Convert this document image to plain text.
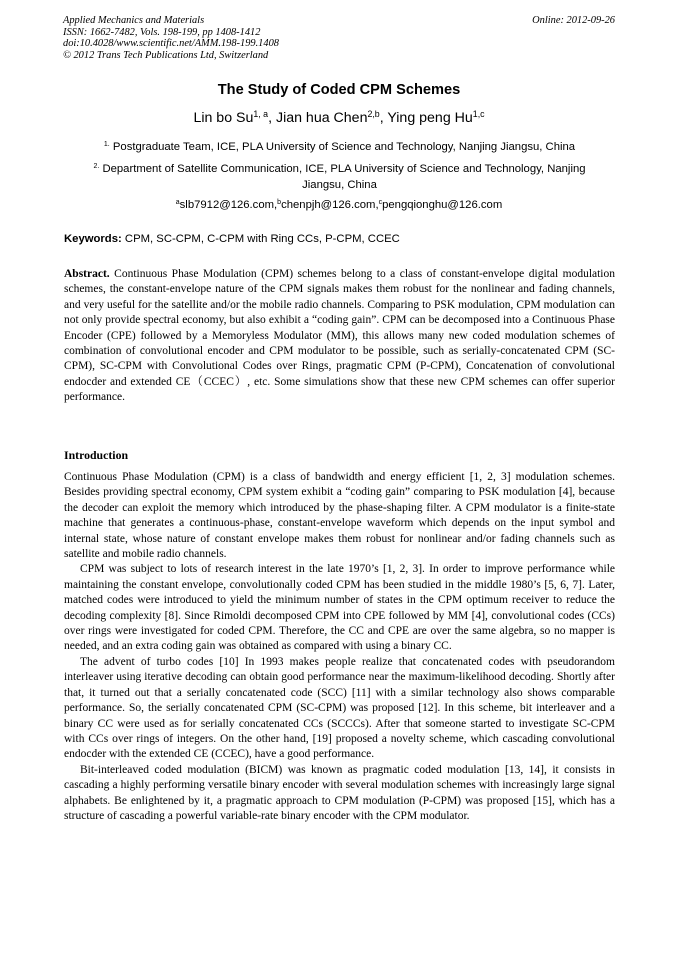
Applied Mechanics and Materials
ISSN: 1662-7482, Vols. 198-199, pp 1408-1412
doi:10.4028/www.scientific.net/AMM.198-199.1408
© 2012 Trans Tech Publications Ltd, Switzerland
Online: 2012-09-26
The Study of Coded CPM Schemes
Lin bo Su$^{1, a}$, Jian hua Chen$^{2,b}$, Ying peng Hu$^{1,c}$
$^{1.}$ Postgraduate Team, ICE, PLA University of Science and Technology, Nanjing Jiangsu, China
$^{2.}$ Department of Satellite Communication, ICE, PLA University of Science and Technology, Nanjing
Jiangsu, China
$^a$slb7912@126.com,$^b$chenpjh@126.com,$^c$pengqionghu@126.com
Keywords: CPM, SC-CPM, C-CPM with Ring CCs, P-CPM, CCEC

Abstract. Continuous Phase Modulation (CPM) schemes belong to a class of constant-envelope digital modulation schemes, the constant-envelope nature of the CPM signals makes them robust for the nonlinear and fading channels, and very useful for the satellite and/or the mobile radio channels. Comparing to PSK modulation, CPM modulation can not only provide spectral economy, but also exhibit a “coding gain”. CPM can be decomposed into a Continuous Phase Encoder (CPE) followed by a Memoryless Modulator (MM), this allows many new coded modulation schemes of combination of convolutional encoder and CPM modulator to be possible, such as serially-concatenated CPM (SC-CPM), SC-CPM with Convolutional Codes over Rings, pragmatic CPM (P-CPM), Concatenation of convolutional endocder and extended CE（CCEC）, etc. Some simulations show that these new CPM schemes can offer superior performance.

Introduction

Continuous Phase Modulation (CPM) is a class of bandwidth and energy efficient [1, 2, 3] modulation schemes. Besides providing spectral economy, CPM system exhibit a “coding gain” comparing to PSK modulation [4], because the decoder can exploit the memory which introduced by the phase-shaping filter. A CPM modulator is a finite-state machine that generates a continuous-phase, constant-envelope waveform which depends on the input symbol and internal state, whose nature of constant envelope makes them robust for nonlinear and/or fading channels such as satellite and mobile radio channels.

CPM was subject to lots of research interest in the late 1970’s [1, 2, 3]. In order to improve performance while maintaining the constant envelope, convolutionally coded CPM has been studied in the middle 1980’s [5, 6, 7]. Later, matched codes were introduced to yield the minimum number of states in the CPM optimum receiver to reduce the decoding complexity [8]. Since Rimoldi decomposed CPM into CPE followed by MM [4], convolutional codes (CCs) over rings were investigated for coded CPM. Therefore, the CC and CPE are over the same algebra, so no mapper is needed, and an extra coding gain was obtained as compared with using a binary CC.

The advent of turbo codes [10] In 1993 makes people realize that concatenated codes with pseudorandom interleaver using iterative decoding can obtain good performance near the maximum-likelihood decoding. Shortly after that, it turned out that a serially concatenated code (SCC) [11] with a similar technology also shows comparable performance. So, the serially concatenated CPM (SC-CPM) was proposed [12]. In this scheme, bit interleaver and a binary CC were used as for serially concatenated CCs (SCCCs). After that someone started to investigate SC-CPM with CCs over rings of integers. On the other hand, [19] proposed a novelty scheme, which cascading convolutional endocder with the extended CE (CCEC), have a good performance.

Bit-interleaved coded modulation (BICM) was known as pragmatic coded modulation [13, 14], it consists in cascading a highly performing versatile binary encoder with several modulation schemes with increasingly large signal alphabets. Be enlightened by it, a pragmatic approach to CPM modulation (P-CPM) was proposed [15], which has a structure of cascading a powerful variable-rate binary encoder with the CPM modulator.
